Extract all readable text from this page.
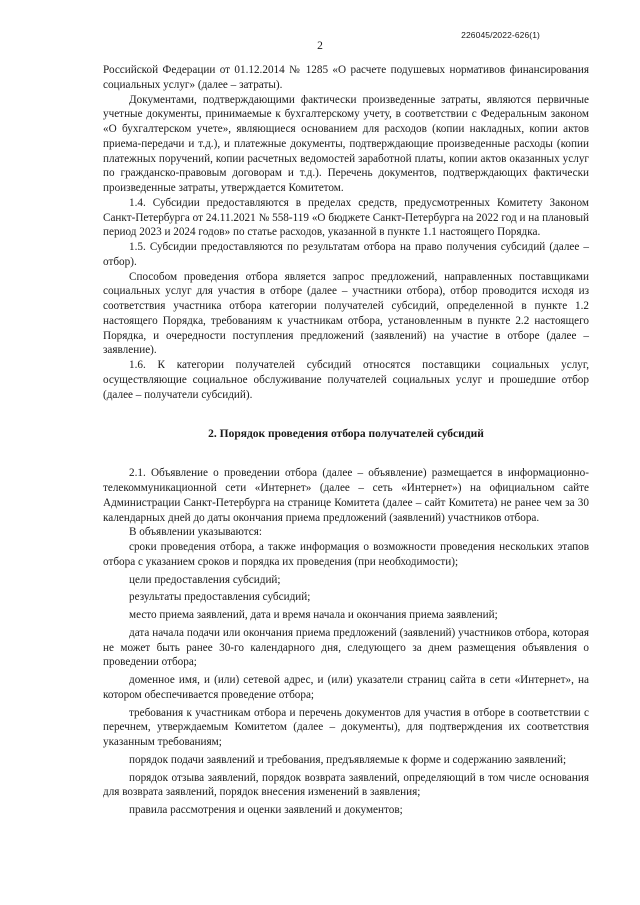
226045/2022-626(1)
2

Российской Федерации от 01.12.2014 № 1285 «О расчете подушевых нормативов финансирования социальных услуг» (далее – затраты).

Документами, подтверждающими фактически произведенные затраты, являются первичные учетные документы, принимаемые к бухгалтерскому учету, в соответствии с Федеральным законом «О бухгалтерском учете», являющиеся основанием для расходов (копии накладных, копии актов приема-передачи и т.д.), и платежные документы, подтверждающие произведенные расходы (копии платежных поручений, копии расчетных ведомостей заработной платы, копии актов оказанных услуг по гражданско-правовым договорам и т.д.). Перечень документов, подтверждающих фактически произведенные затраты, утверждается Комитетом.

1.4. Субсидии предоставляются в пределах средств, предусмотренных Комитету Законом Санкт-Петербурга от 24.11.2021 № 558-119 «О бюджете Санкт-Петербурга на 2022 год и на плановый период 2023 и 2024 годов» по статье расходов, указанной в пункте 1.1 настоящего Порядка.

1.5. Субсидии предоставляются по результатам отбора на право получения субсидий (далее – отбор).

Способом проведения отбора является запрос предложений, направленных поставщиками социальных услуг для участия в отборе (далее – участники отбора), отбор проводится исходя из соответствия участника отбора категории получателей субсидий, определенной в пункте 1.2 настоящего Порядка, требованиям к участникам отбора, установленным в пункте 2.2 настоящего Порядка, и очередности поступления предложений (заявлений) на участие в отборе (далее – заявление).

1.6. К категории получателей субсидий относятся поставщики социальных услуг, осуществляющие социальное обслуживание получателей социальных услуг и прошедшие отбор (далее – получатели субсидий).

2. Порядок проведения отбора получателей субсидий

2.1. Объявление о проведении отбора (далее – объявление) размещается в информационно-телекоммуникационной сети «Интернет» (далее – сеть «Интернет») на официальном сайте Администрации Санкт-Петербурга на странице Комитета (далее – сайт Комитета) не ранее чем за 30 календарных дней до даты окончания приема предложений (заявлений) участников отбора.

В объявлении указываются:

сроки проведения отбора, а также информация о возможности проведения нескольких этапов отбора с указанием сроков и порядка их проведения (при необходимости);

цели предоставления субсидий;

результаты предоставления субсидий;

место приема заявлений, дата и время начала и окончания приема заявлений;

дата начала подачи или окончания приема предложений (заявлений) участников отбора, которая не может быть ранее 30-го календарного дня, следующего за днем размещения объявления о проведении отбора;

доменное имя, и (или) сетевой адрес, и (или) указатели страниц сайта в сети «Интернет», на котором обеспечивается проведение отбора;

требования к участникам отбора и перечень документов для участия в отборе в соответствии с перечнем, утверждаемым Комитетом (далее – документы), для подтверждения их соответствия указанным требованиям;

порядок подачи заявлений и требования, предъявляемые к форме и содержанию заявлений;

порядок отзыва заявлений, порядок возврата заявлений, определяющий в том числе основания для возврата заявлений, порядок внесения изменений в заявления;

правила рассмотрения и оценки заявлений и документов;
